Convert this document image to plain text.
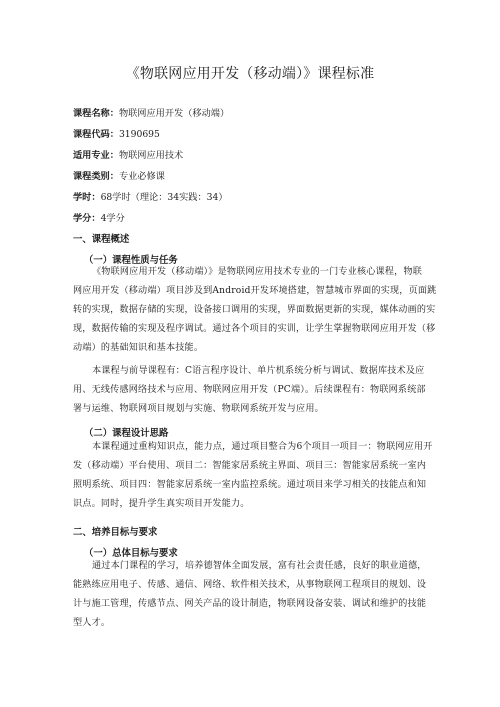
《物联网应用开发（移动端）》课程标准
课程名称：物联网应用开发（移动端）
课程代码：3190695
适用专业：物联网应用技术
课程类别：专业必修课
学时：68学时（理论：34实践：34）
学分：4学分
一、课程概述
（一）课程性质与任务
《物联网应用开发（移动端）》是物联网应用技术专业的一门专业核心课程，物联
网应用开发（移动端）项目涉及到Android开发环境搭建，智慧城市界面的实现，页面跳
转的实现，数据存储的实现，设备接口调用的实现，界面数据更新的实现，媒体动画的实
现，数据传输的实现及程序调试。通过各个项目的实训，让学生掌握物联网应用开发（移
动端）的基础知识和基本技能。
本课程与前导课程有：C语言程序设计、单片机系统分析与调试、数据库技术及应
用、无线传感网络技术与应用、物联网应用开发（PC端）。后续课程有：物联网系统部
署与运维、物联网项目规划与实施、物联网系统开发与应用。
（二）课程设计思路
本课程通过重构知识点，能力点，通过项目整合为6个项目一项目一：物联网应用开
发（移动端）平台使用、项目二：智能家居系统主界面、项目三：智能家居系统一室内
照明系统、项目四：智能家居系统一室内监控系统。通过项目来学习相关的技能点和知
识点。同时，提升学生真实项目开发能力。
二、培养目标与要求
（一）总体目标与要求
通过本门课程的学习，培养德智体全面发展，富有社会责任感，良好的职业道德，
能熟练应用电子、传感、通信、网络、软件相关技术，从事物联网工程项目的规划、设
计与施工管理，传感节点、网关产品的设计制造，物联网设备安装、调试和维护的技能
型人才。
